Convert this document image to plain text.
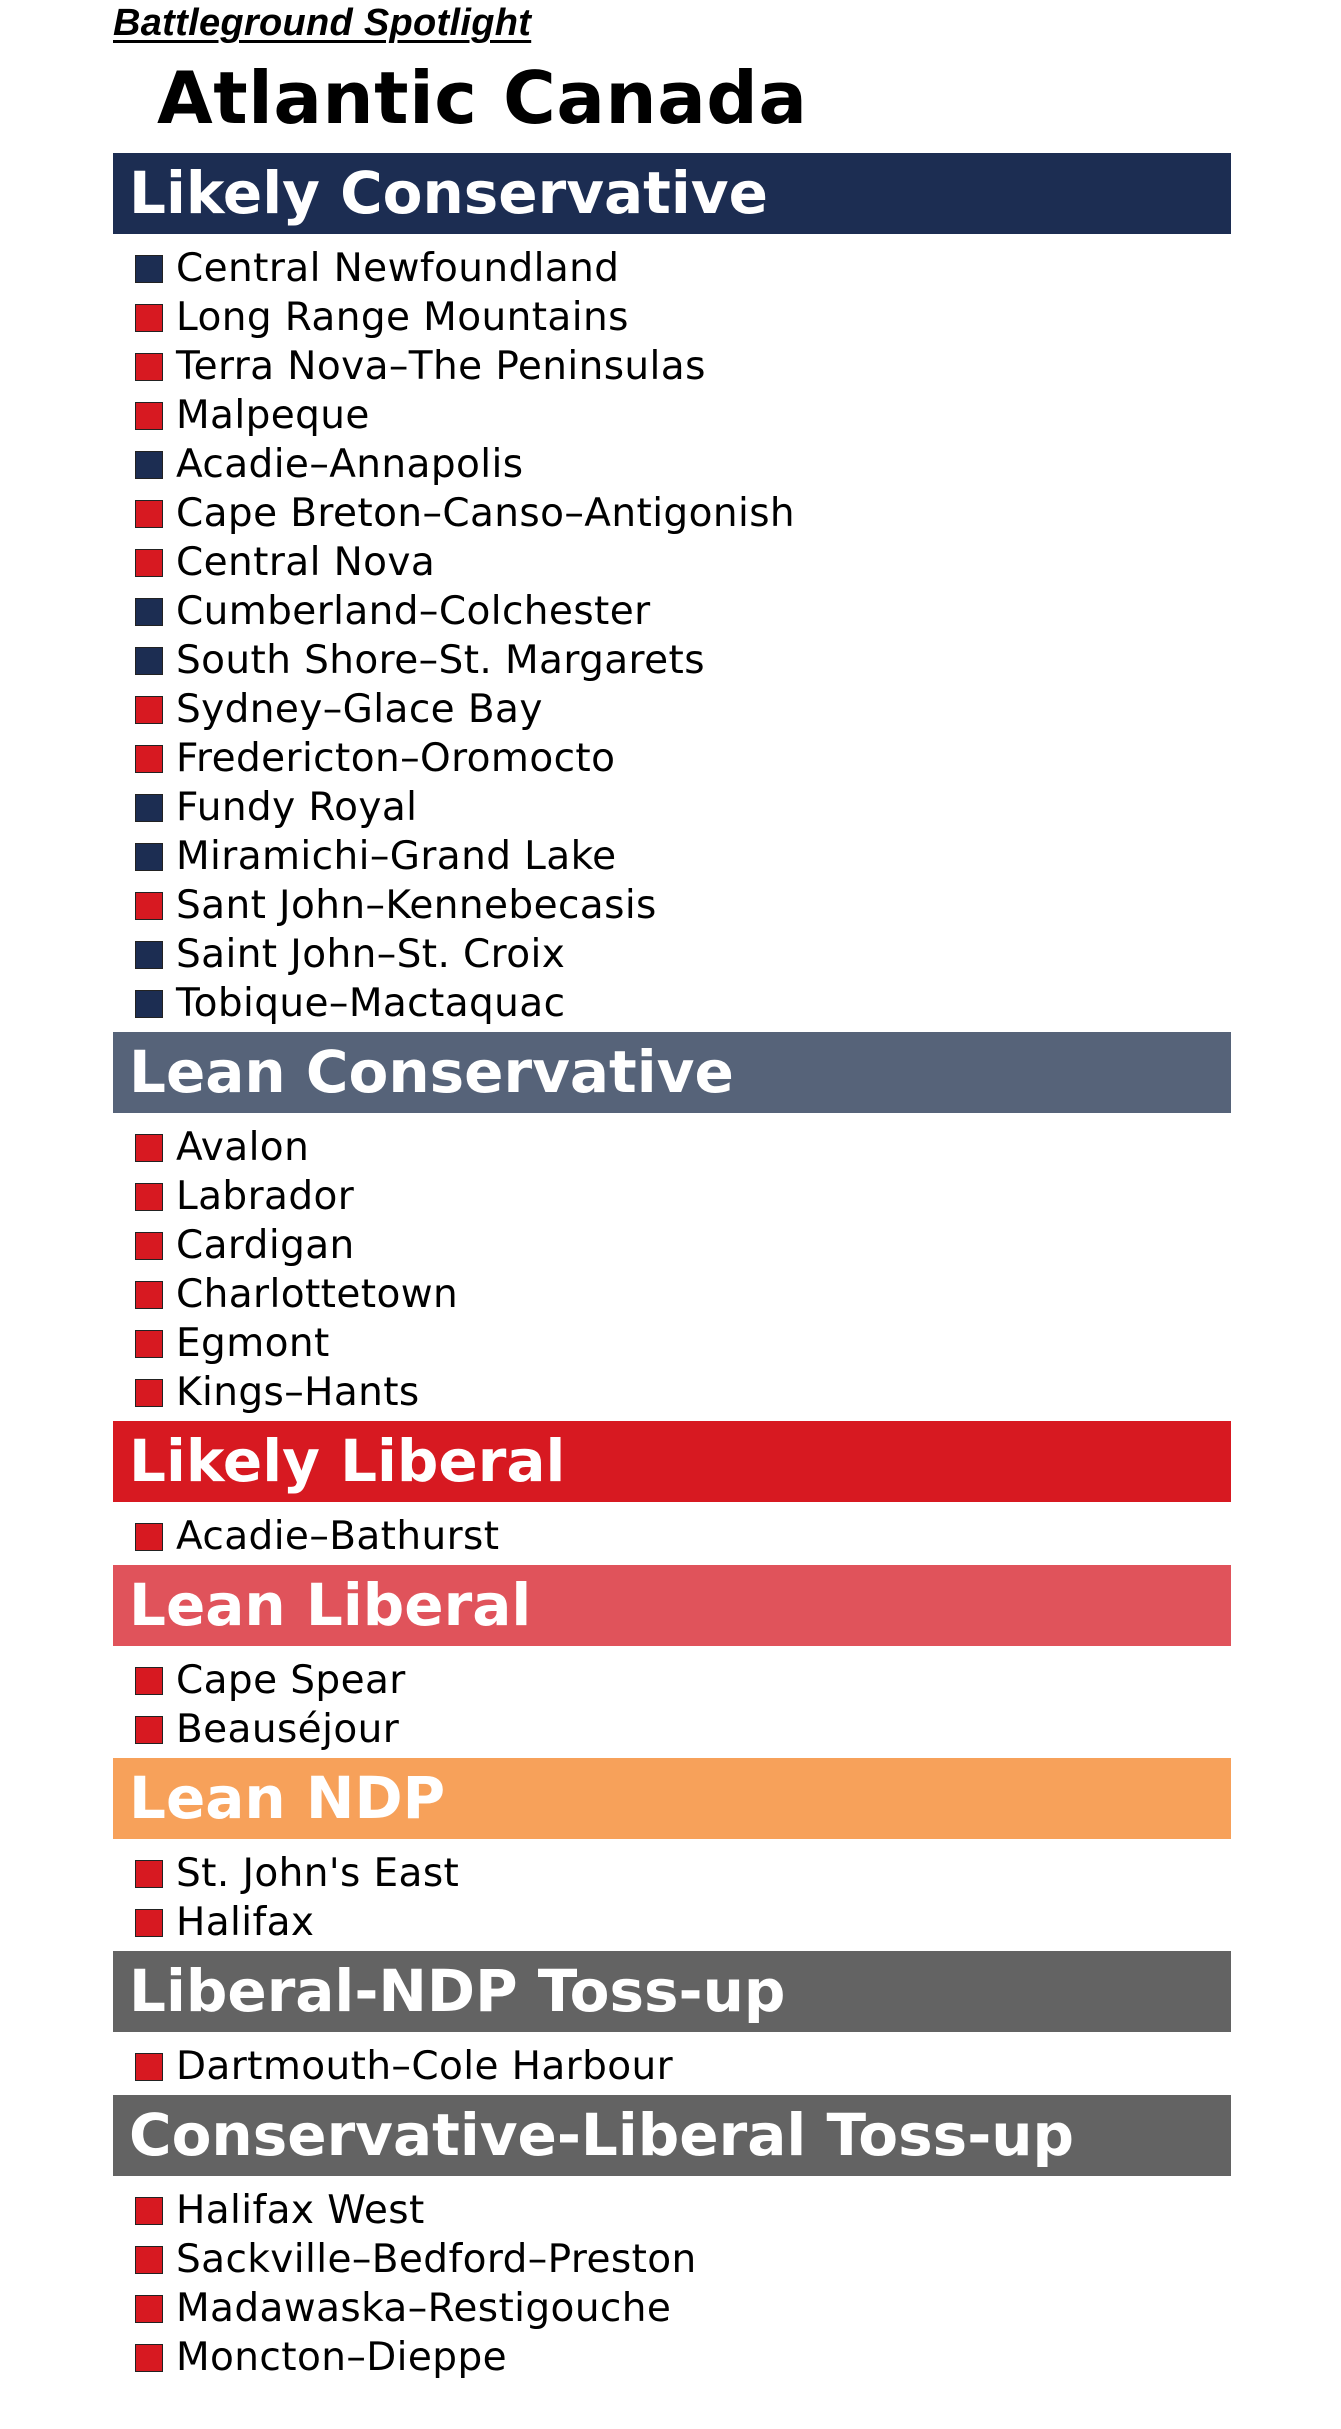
Battleground Spotlight
Atlantic Canada
Likely Conservative
Central Newfoundland
Long Range Mountains
Terra Nova–The Peninsulas
Malpeque
Acadie–Annapolis
Cape Breton–Canso–Antigonish
Central Nova
Cumberland–Colchester
South Shore–St. Margarets
Sydney–Glace Bay
Fredericton–Oromocto
Fundy Royal
Miramichi–Grand Lake
Sant John–Kennebecasis
Saint John–St. Croix
Tobique–Mactaquac
Lean Conservative
Avalon
Labrador
Cardigan
Charlottetown
Egmont
Kings–Hants
Likely Liberal
Acadie–Bathurst
Lean Liberal
Cape Spear
Beauséjour
Lean NDP
St. John's East
Halifax
Liberal-NDP Toss-up
Dartmouth–Cole Harbour
Conservative-Liberal Toss-up
Halifax West
Sackville–Bedford–Preston
Madawaska–Restigouche
Moncton–Dieppe
